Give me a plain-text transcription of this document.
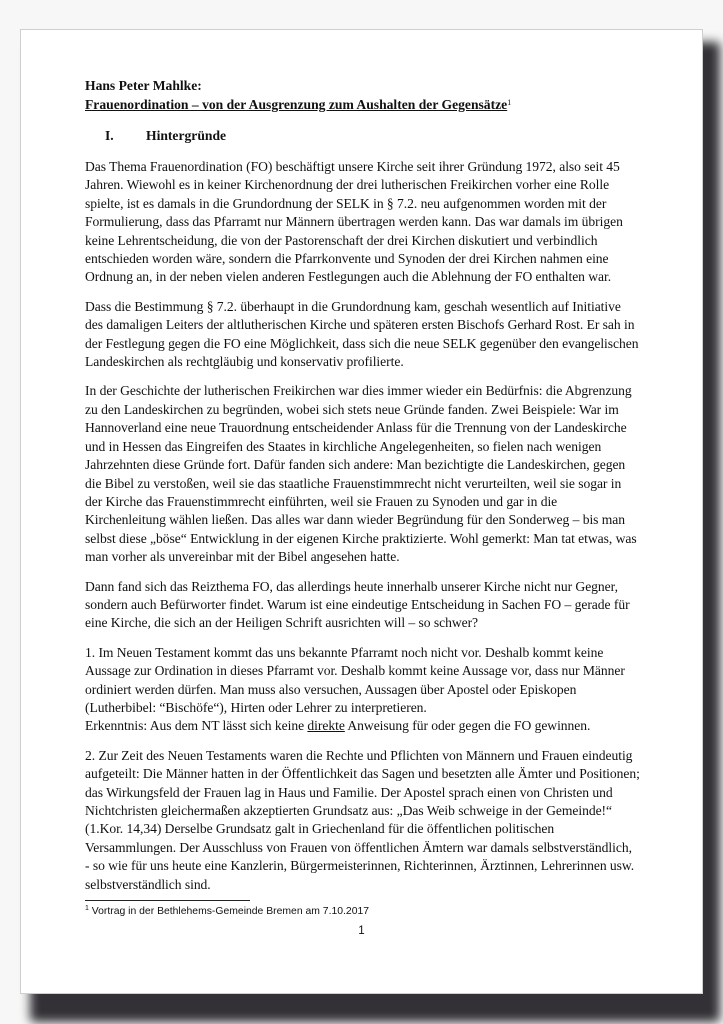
Hans Peter Mahlke:
Frauenordination – von der Ausgrenzung zum Aushalten der Gegensätze$^1$
I. Hintergründe
Das Thema Frauenordination (FO) beschäftigt unsere Kirche seit ihrer Gründung 1972, also seit 45
Jahren. Wiewohl es in keiner Kirchenordnung der drei lutherischen Freikirchen vorher eine Rolle
spielte, ist es damals in die Grundordnung der SELK in § 7.2. neu aufgenommen worden mit der
Formulierung, dass das Pfarramt nur Männern übertragen werden kann. Das war damals im übrigen
keine Lehrentscheidung, die von der Pastorenschaft der drei Kirchen diskutiert und verbindlich
entschieden worden wäre, sondern die Pfarrkonvente und Synoden der drei Kirchen nahmen eine
Ordnung an, in der neben vielen anderen Festlegungen auch die Ablehnung der FO enthalten war.
Dass die Bestimmung § 7.2. überhaupt in die Grundordnung kam, geschah wesentlich auf Initiative
des damaligen Leiters der altlutherischen Kirche und späteren ersten Bischofs Gerhard Rost. Er sah in
der Festlegung gegen die FO eine Möglichkeit, dass sich die neue SELK gegenüber den evangelischen
Landeskirchen als rechtgläubig und konservativ profilierte.
In der Geschichte der lutherischen Freikirchen war dies immer wieder ein Bedürfnis: die Abgrenzung
zu den Landeskirchen zu begründen, wobei sich stets neue Gründe fanden. Zwei Beispiele: War im
Hannoverland eine neue Trauordnung entscheidender Anlass für die Trennung von der Landeskirche
und in Hessen das Eingreifen des Staates in kirchliche Angelegenheiten, so fielen nach wenigen
Jahrzehnten diese Gründe fort. Dafür fanden sich andere: Man bezichtigte die Landeskirchen, gegen
die Bibel zu verstoßen, weil sie das staatliche Frauenstimmrecht nicht verurteilten, weil sie sogar in
der Kirche das Frauenstimmrecht einführten, weil sie Frauen zu Synoden und gar in die
Kirchenleitung wählen ließen. Das alles war dann wieder Begründung für den Sonderweg – bis man
selbst diese „böse“ Entwicklung in der eigenen Kirche praktizierte. Wohl gemerkt: Man tat etwas, was
man vorher als unvereinbar mit der Bibel angesehen hatte.
Dann fand sich das Reizthema FO, das allerdings heute innerhalb unserer Kirche nicht nur Gegner,
sondern auch Befürworter findet. Warum ist eine eindeutige Entscheidung in Sachen FO – gerade für
eine Kirche, die sich an der Heiligen Schrift ausrichten will – so schwer?
1. Im Neuen Testament kommt das uns bekannte Pfarramt noch nicht vor. Deshalb kommt keine
Aussage zur Ordination in dieses Pfarramt vor. Deshalb kommt keine Aussage vor, dass nur Männer
ordiniert werden dürfen. Man muss also versuchen, Aussagen über Apostel oder Episkopen
(Lutherbibel: “Bischöfe“), Hirten oder Lehrer zu interpretieren.
Erkenntnis: Aus dem NT lässt sich keine direkte Anweisung für oder gegen die FO gewinnen.
2. Zur Zeit des Neuen Testaments waren die Rechte und Pflichten von Männern und Frauen eindeutig
aufgeteilt: Die Männer hatten in der Öffentlichkeit das Sagen und besetzten alle Ämter und Positionen;
das Wirkungsfeld der Frauen lag in Haus und Familie. Der Apostel sprach einen von Christen und
Nichtchristen gleichermaßen akzeptierten Grundsatz aus: „Das Weib schweige in der Gemeinde!“
(1.Kor. 14,34) Derselbe Grundsatz galt in Griechenland für die öffentlichen politischen
Versammlungen. Der Ausschluss von Frauen von öffentlichen Ämtern war damals selbstverständlich,
- so wie für uns heute eine Kanzlerin, Bürgermeisterinnen, Richterinnen, Ärztinnen, Lehrerinnen usw.
selbstverständlich sind.
$^1$ Vortrag in der Bethlehems-Gemeinde Bremen am 7.10.2017
1
